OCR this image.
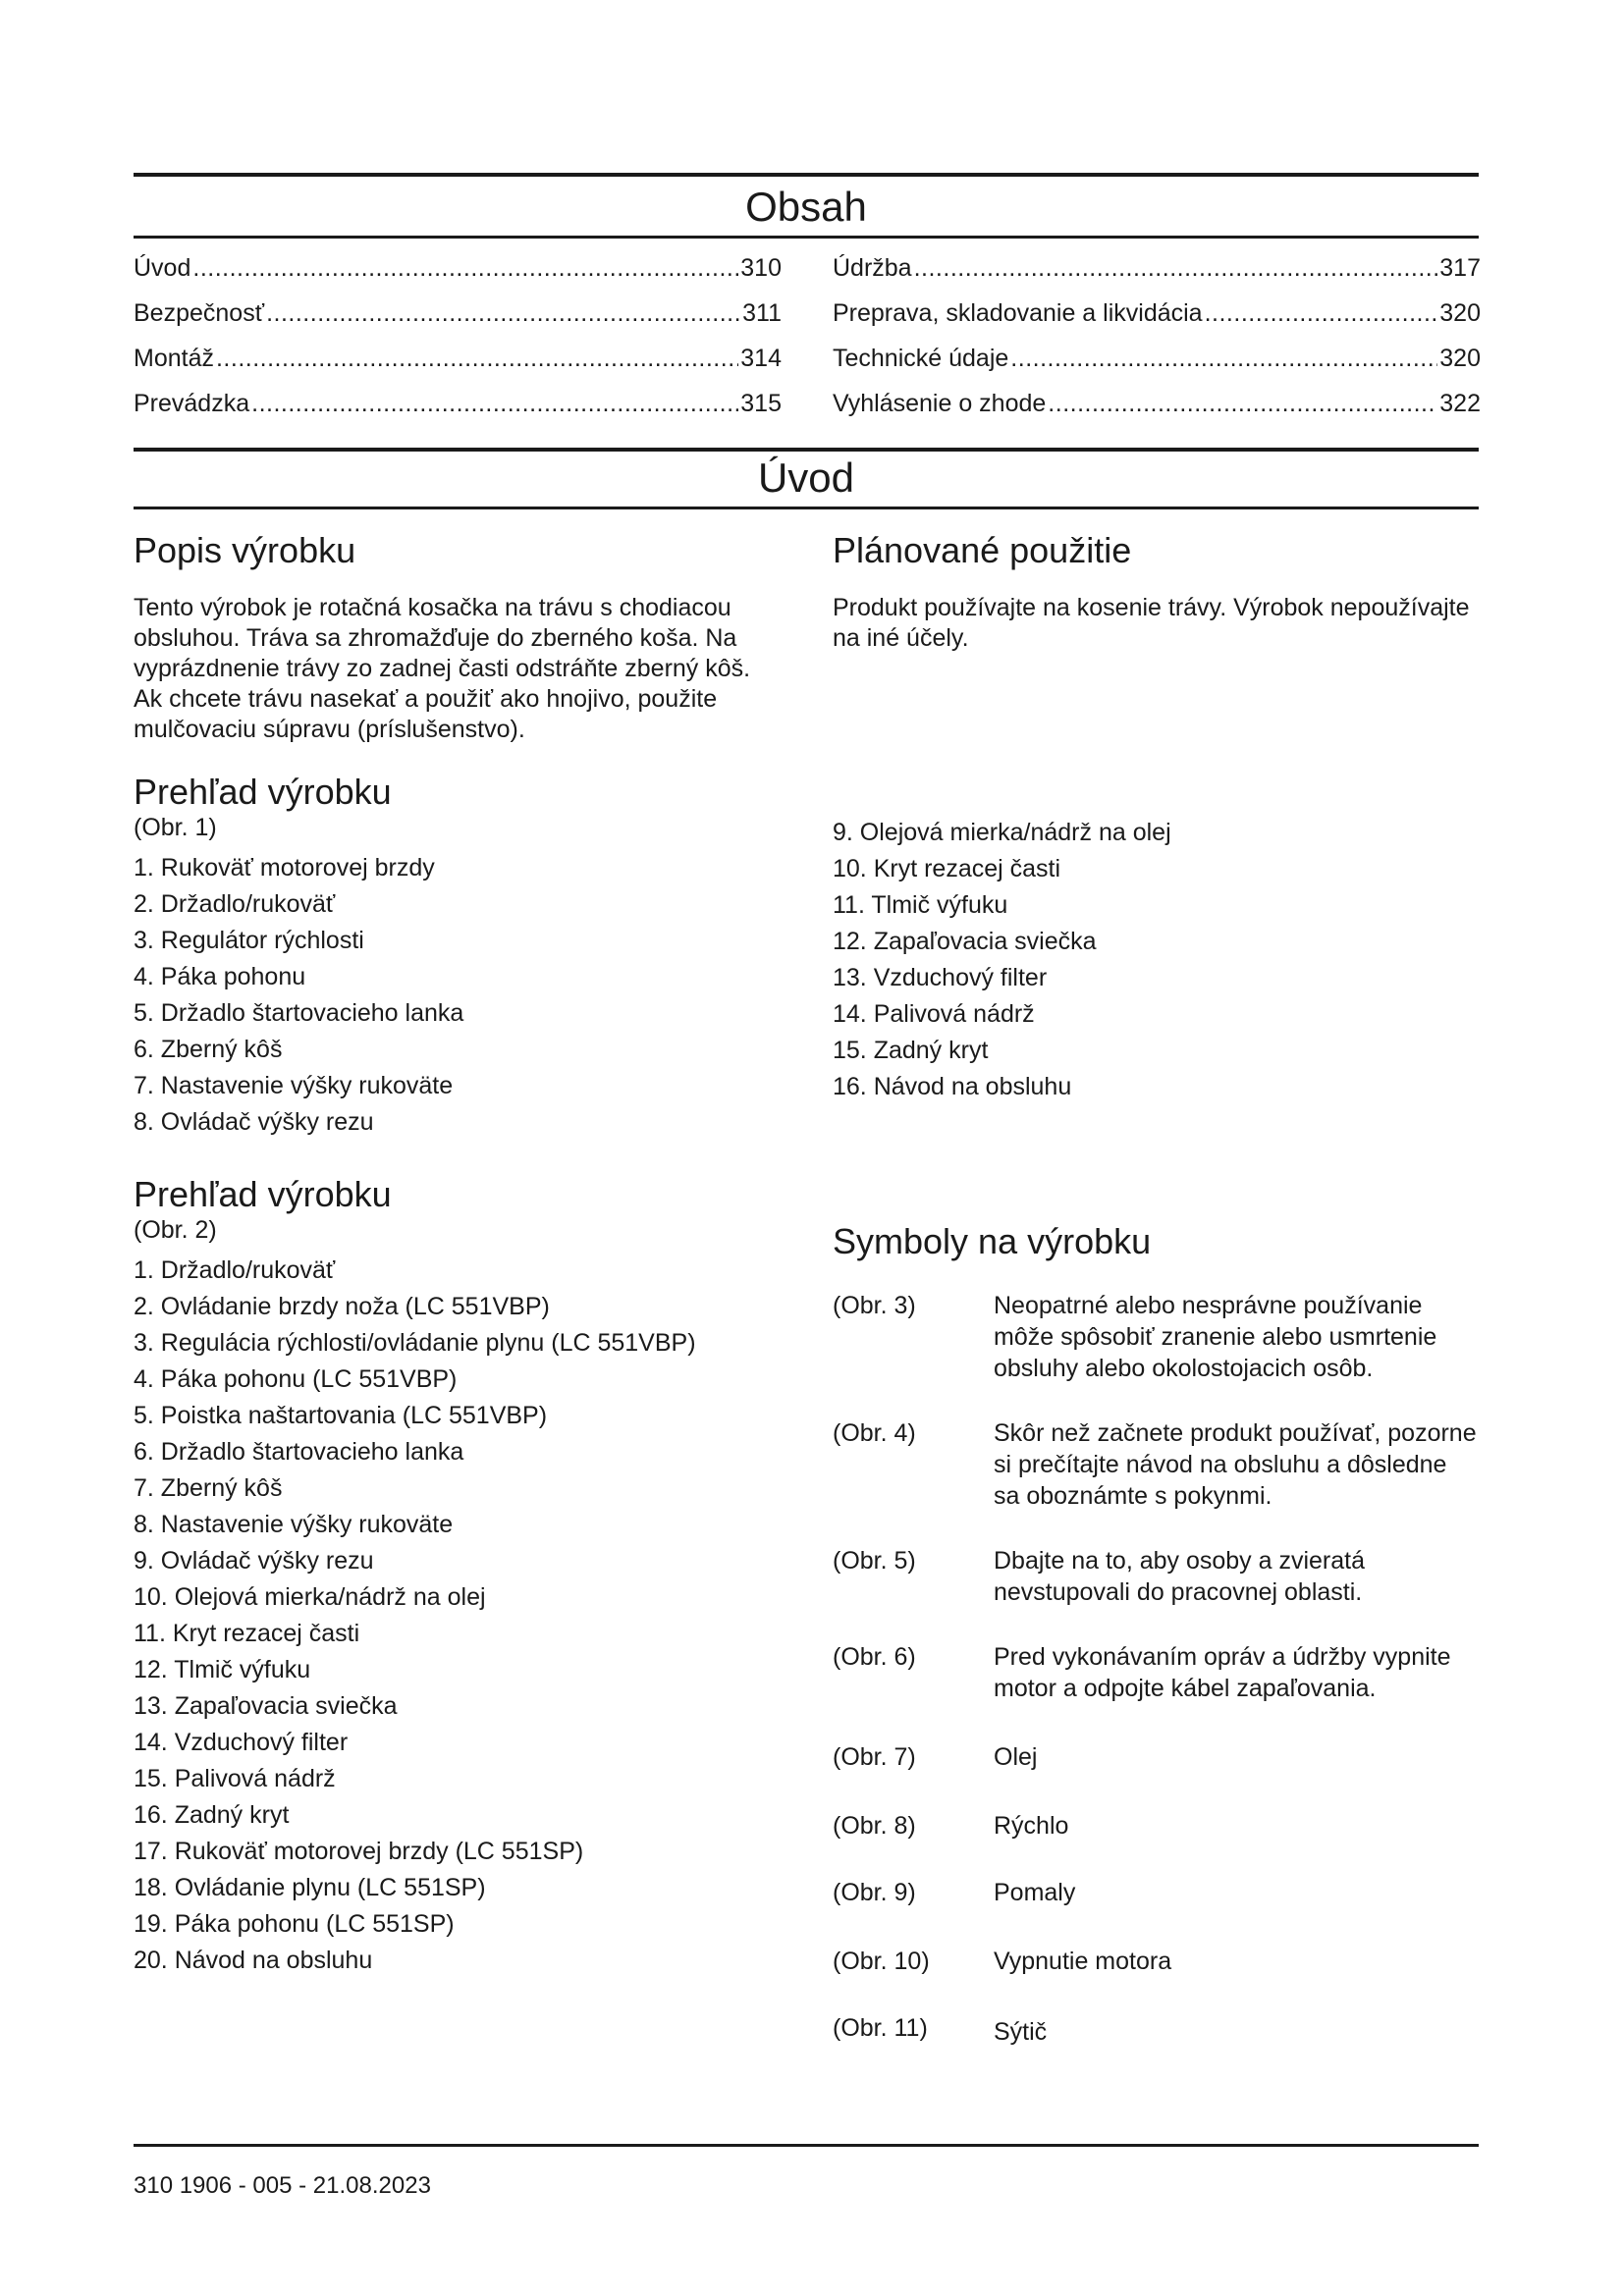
Obsah
Úvod .....	310
Bezpečnosť .....	311
Montáž .....	314
Prevádzka .....	315
Údržba .....	317
Preprava, skladovanie a likvidácia .....	320
Technické údaje .....	320
Vyhlásenie o zhode .....	322
Úvod
Popis výrobku

Tento výrobok je rotačná kosačka na trávu s chodiacou obsluhou. Tráva sa zhromažďuje do zberného koša. Na vyprázdnenie trávy zo zadnej časti odstráňte zberný kôš. Ak chcete trávu nasekať a použiť ako hnojivo, použite mulčovaciu súpravu (príslušenstvo).

Plánované použitie

Produkt používajte na kosenie trávy. Výrobok nepoužívajte na iné účely.

Prehľad výrobku

(Obr. 1)

1. Rukoväť motorovej brzdy
2. Držadlo/rukoväť
3. Regulátor rýchlosti
4. Páka pohonu
5. Držadlo štartovacieho lanka
6. Zberný kôš
7. Nastavenie výšky rukoväte
8. Ovládač výšky rezu
9. Olejová mierka/nádrž na olej
10. Kryt rezacej časti
11. Tlmič výfuku
12. Zapaľovacia sviečka
13. Vzduchový filter
14. Palivová nádrž
15. Zadný kryt
16. Návod na obsluhu
Prehľad výrobku

(Obr. 2)

1. Držadlo/rukoväť
2. Ovládanie brzdy noža (LC 551VBP)
3. Regulácia rýchlosti/ovládanie plynu (LC 551VBP)
4. Páka pohonu (LC 551VBP)
5. Poistka naštartovania (LC 551VBP)
6. Držadlo štartovacieho lanka
7. Zberný kôš
8. Nastavenie výšky rukoväte
9. Ovládač výšky rezu
10. Olejová mierka/nádrž na olej
11. Kryt rezacej časti
12. Tlmič výfuku
13. Zapaľovacia sviečka
14. Vzduchový filter
15. Palivová nádrž
16. Zadný kryt
17. Rukoväť motorovej brzdy (LC 551SP)
18. Ovládanie plynu (LC 551SP)
19. Páka pohonu (LC 551SP)
20. Návod na obsluhu
Symboly na výrobku
(Obr. 3)	Neopatrné alebo nesprávne používanie môže spôsobiť zranenie alebo usmrtenie obsluhy alebo okolostojacich osôb.
(Obr. 4)	Skôr než začnete produkt používať, pozorne si prečítajte návod na obsluhu a dôsledne sa oboznámte s pokynmi.
(Obr. 5)	Dbajte na to, aby osoby a zvieratá nevstupovali do pracovnej oblasti.
(Obr. 6)	Pred vykonávaním opráv a údržby vypnite motor a odpojte kábel zapaľovania.
(Obr. 7)	Olej
(Obr. 8)	Rýchlo
(Obr. 9)	Pomaly
(Obr. 10)	Vypnutie motora
(Obr. 11)	Sýtič
310 1906 - 005 - 21.08.2023
